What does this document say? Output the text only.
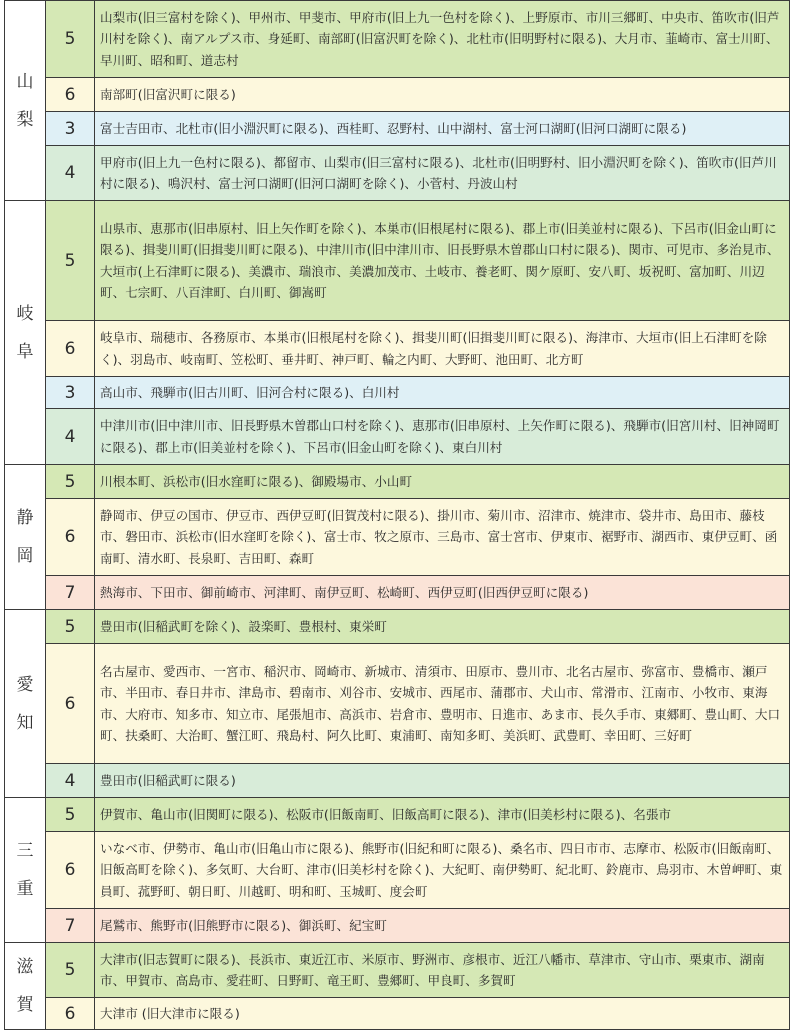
山
梨	5	山梨市(旧三富村を除く)、甲州市、甲斐市、甲府市(旧上九一色村を除く)、上野原市、市川三郷町、中央市、笛吹市(旧芦川村を除く)、南アルプス市、身延町、南部町(旧富沢町を除く)、北杜市(旧明野村に限る)、大月市、韮崎市、富士川町、早川町、昭和町、道志村
	6	南部町(旧富沢町に限る)
	3	富士吉田市、北杜市(旧小淵沢町に限る)、西桂町、忍野村、山中湖村、富士河口湖町(旧河口湖町に限る)
	4	甲府市(旧上九一色村に限る)、都留市、山梨市(旧三富村に限る)、北杜市(旧明野村、旧小淵沢町を除く)、笛吹市(旧芦川村に限る)、鳴沢村、富士河口湖町(旧河口湖町を除く)、小菅村、丹波山村

岐
阜	5	山県市、恵那市(旧串原村、旧上矢作町を除く)、本巣市(旧根尾村に限る)、郡上市(旧美並村に限る)、下呂市(旧金山町に限る)、揖斐川町(旧揖斐川町に限る)、中津川市(旧中津川市、旧長野県木曽郡山口村に限る)、関市、可児市、多治見市、大垣市(上石津町に限る)、美濃市、瑞浪市、美濃加茂市、土岐市、養老町、関ケ原町、安八町、坂祝町、富加町、川辺町、七宗町、八百津町、白川町、御嵩町
	6	岐阜市、瑞穂市、各務原市、本巣市(旧根尾村を除く)、揖斐川町(旧揖斐川町に限る)、海津市、大垣市(旧上石津町を除く)、羽島市、岐南町、笠松町、垂井町、神戸町、輪之内町、大野町、池田町、北方町
	3	高山市、飛騨市(旧古川町、旧河合村に限る)、白川村
	4	中津川市(旧中津川市、旧長野県木曽郡山口村を除く)、恵那市(旧串原村、上矢作町に限る)、飛騨市(旧宮川村、旧神岡町に限る)、郡上市(旧美並村を除く)、下呂市(旧金山町を除く)、東白川村

静
岡	5	川根本町、浜松市(旧水窪町に限る)、御殿場市、小山町
	6	静岡市、伊豆の国市、伊豆市、西伊豆町(旧賀茂村に限る)、掛川市、菊川市、沼津市、焼津市、袋井市、島田市、藤枝市、磐田市、浜松市(旧水窪町を除く)、富士市、牧之原市、三島市、富士宮市、伊東市、裾野市、湖西市、東伊豆町、函南町、清水町、長泉町、吉田町、森町
	7	熱海市、下田市、御前崎市、河津町、南伊豆町、松崎町、西伊豆町(旧西伊豆町に限る)

愛
知	5	豊田市(旧稲武町を除く)、設楽町、豊根村、東栄町
	6	名古屋市、愛西市、一宮市、稲沢市、岡崎市、新城市、清須市、田原市、豊川市、北名古屋市、弥富市、豊橋市、瀬戸市、半田市、春日井市、津島市、碧南市、刈谷市、安城市、西尾市、蒲郡市、犬山市、常滑市、江南市、小牧市、東海市、大府市、知多市、知立市、尾張旭市、高浜市、岩倉市、豊明市、日進市、あま市、長久手市、東郷町、豊山町、大口町、扶桑町、大治町、蟹江町、飛島村、阿久比町、東浦町、南知多町、美浜町、武豊町、幸田町、三好町
	4	豊田市(旧稲武町に限る)

三
重	5	伊賀市、亀山市(旧関町に限る)、松阪市(旧飯南町、旧飯高町に限る)、津市(旧美杉村に限る)、名張市
	6	いなべ市、伊勢市、亀山市(旧亀山市に限る)、熊野市(旧紀和町に限る)、桑名市、四日市市、志摩市、松阪市(旧飯南町、旧飯高町を除く)、多気町、大台町、津市(旧美杉村を除く)、大紀町、南伊勢町、紀北町、鈴鹿市、鳥羽市、木曽岬町、東員町、菰野町、朝日町、川越町、明和町、玉城町、度会町
	7	尾鷲市、熊野市(旧熊野市に限る)、御浜町、紀宝町

滋
賀	5	大津市(旧志賀町に限る)、長浜市、東近江市、米原市、野洲市、彦根市、近江八幡市、草津市、守山市、栗東市、湖南市、甲賀市、高島市、愛荘町、日野町、竜王町、豊郷町、甲良町、多賀町
	6	大津市 (旧大津市に限る)
